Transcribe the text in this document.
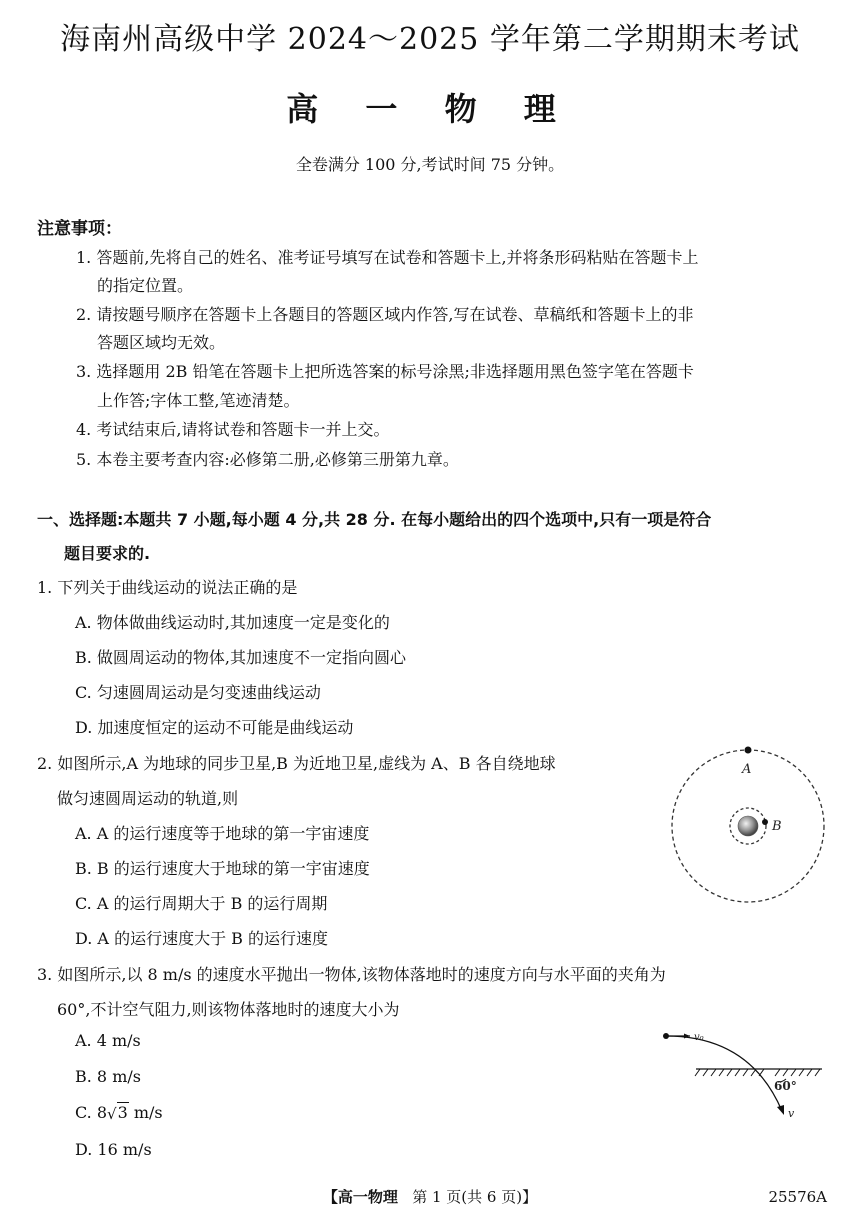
海南州高级中学 2024～2025 学年第二学期期末考试
高 一 物 理
全卷满分 100 分,考试时间 75 分钟。
注意事项：
1. 答题前,先将自己的姓名、准考证号填写在试卷和答题卡上,并将条形码粘贴在答题卡上
的指定位置。
2. 请按题号顺序在答题卡上各题目的答题区域内作答,写在试卷、草稿纸和答题卡上的非
答题区域均无效。
3. 选择题用 2B 铅笔在答题卡上把所选答案的标号涂黑;非选择题用黑色签字笔在答题卡
上作答;字体工整,笔迹清楚。
4. 考试结束后,请将试卷和答题卡一并上交。
5. 本卷主要考查内容:必修第二册,必修第三册第九章。
一、选择题:本题共 7 小题,每小题 4 分,共 28 分. 在每小题给出的四个选项中,只有一项是符合
题目要求的.
1. 下列关于曲线运动的说法正确的是
A. 物体做曲线运动时,其加速度一定是变化的
B. 做圆周运动的物体,其加速度不一定指向圆心
C. 匀速圆周运动是匀变速曲线运动
D. 加速度恒定的运动不可能是曲线运动
2. 如图所示,A 为地球的同步卫星,B 为近地卫星,虚线为 A、B 各自绕地球
做匀速圆周运动的轨道,则
A. A 的运行速度等于地球的第一宇宙速度
B. B 的运行速度大于地球的第一宇宙速度
C. A 的运行周期大于 B 的运行周期
D. A 的运行速度大于 B 的运行速度
A
B
3. 如图所示,以 8 m/s 的速度水平抛出一物体,该物体落地时的速度方向与水平面的夹角为
60°,不计空气阻力,则该物体落地时的速度大小为
A. 4 m/s
B. 8 m/s
C. 8√3 m/s
D. 16 m/s
v₀
v
60°
【高一物理 第 1 页(共 6 页)】	25576A
